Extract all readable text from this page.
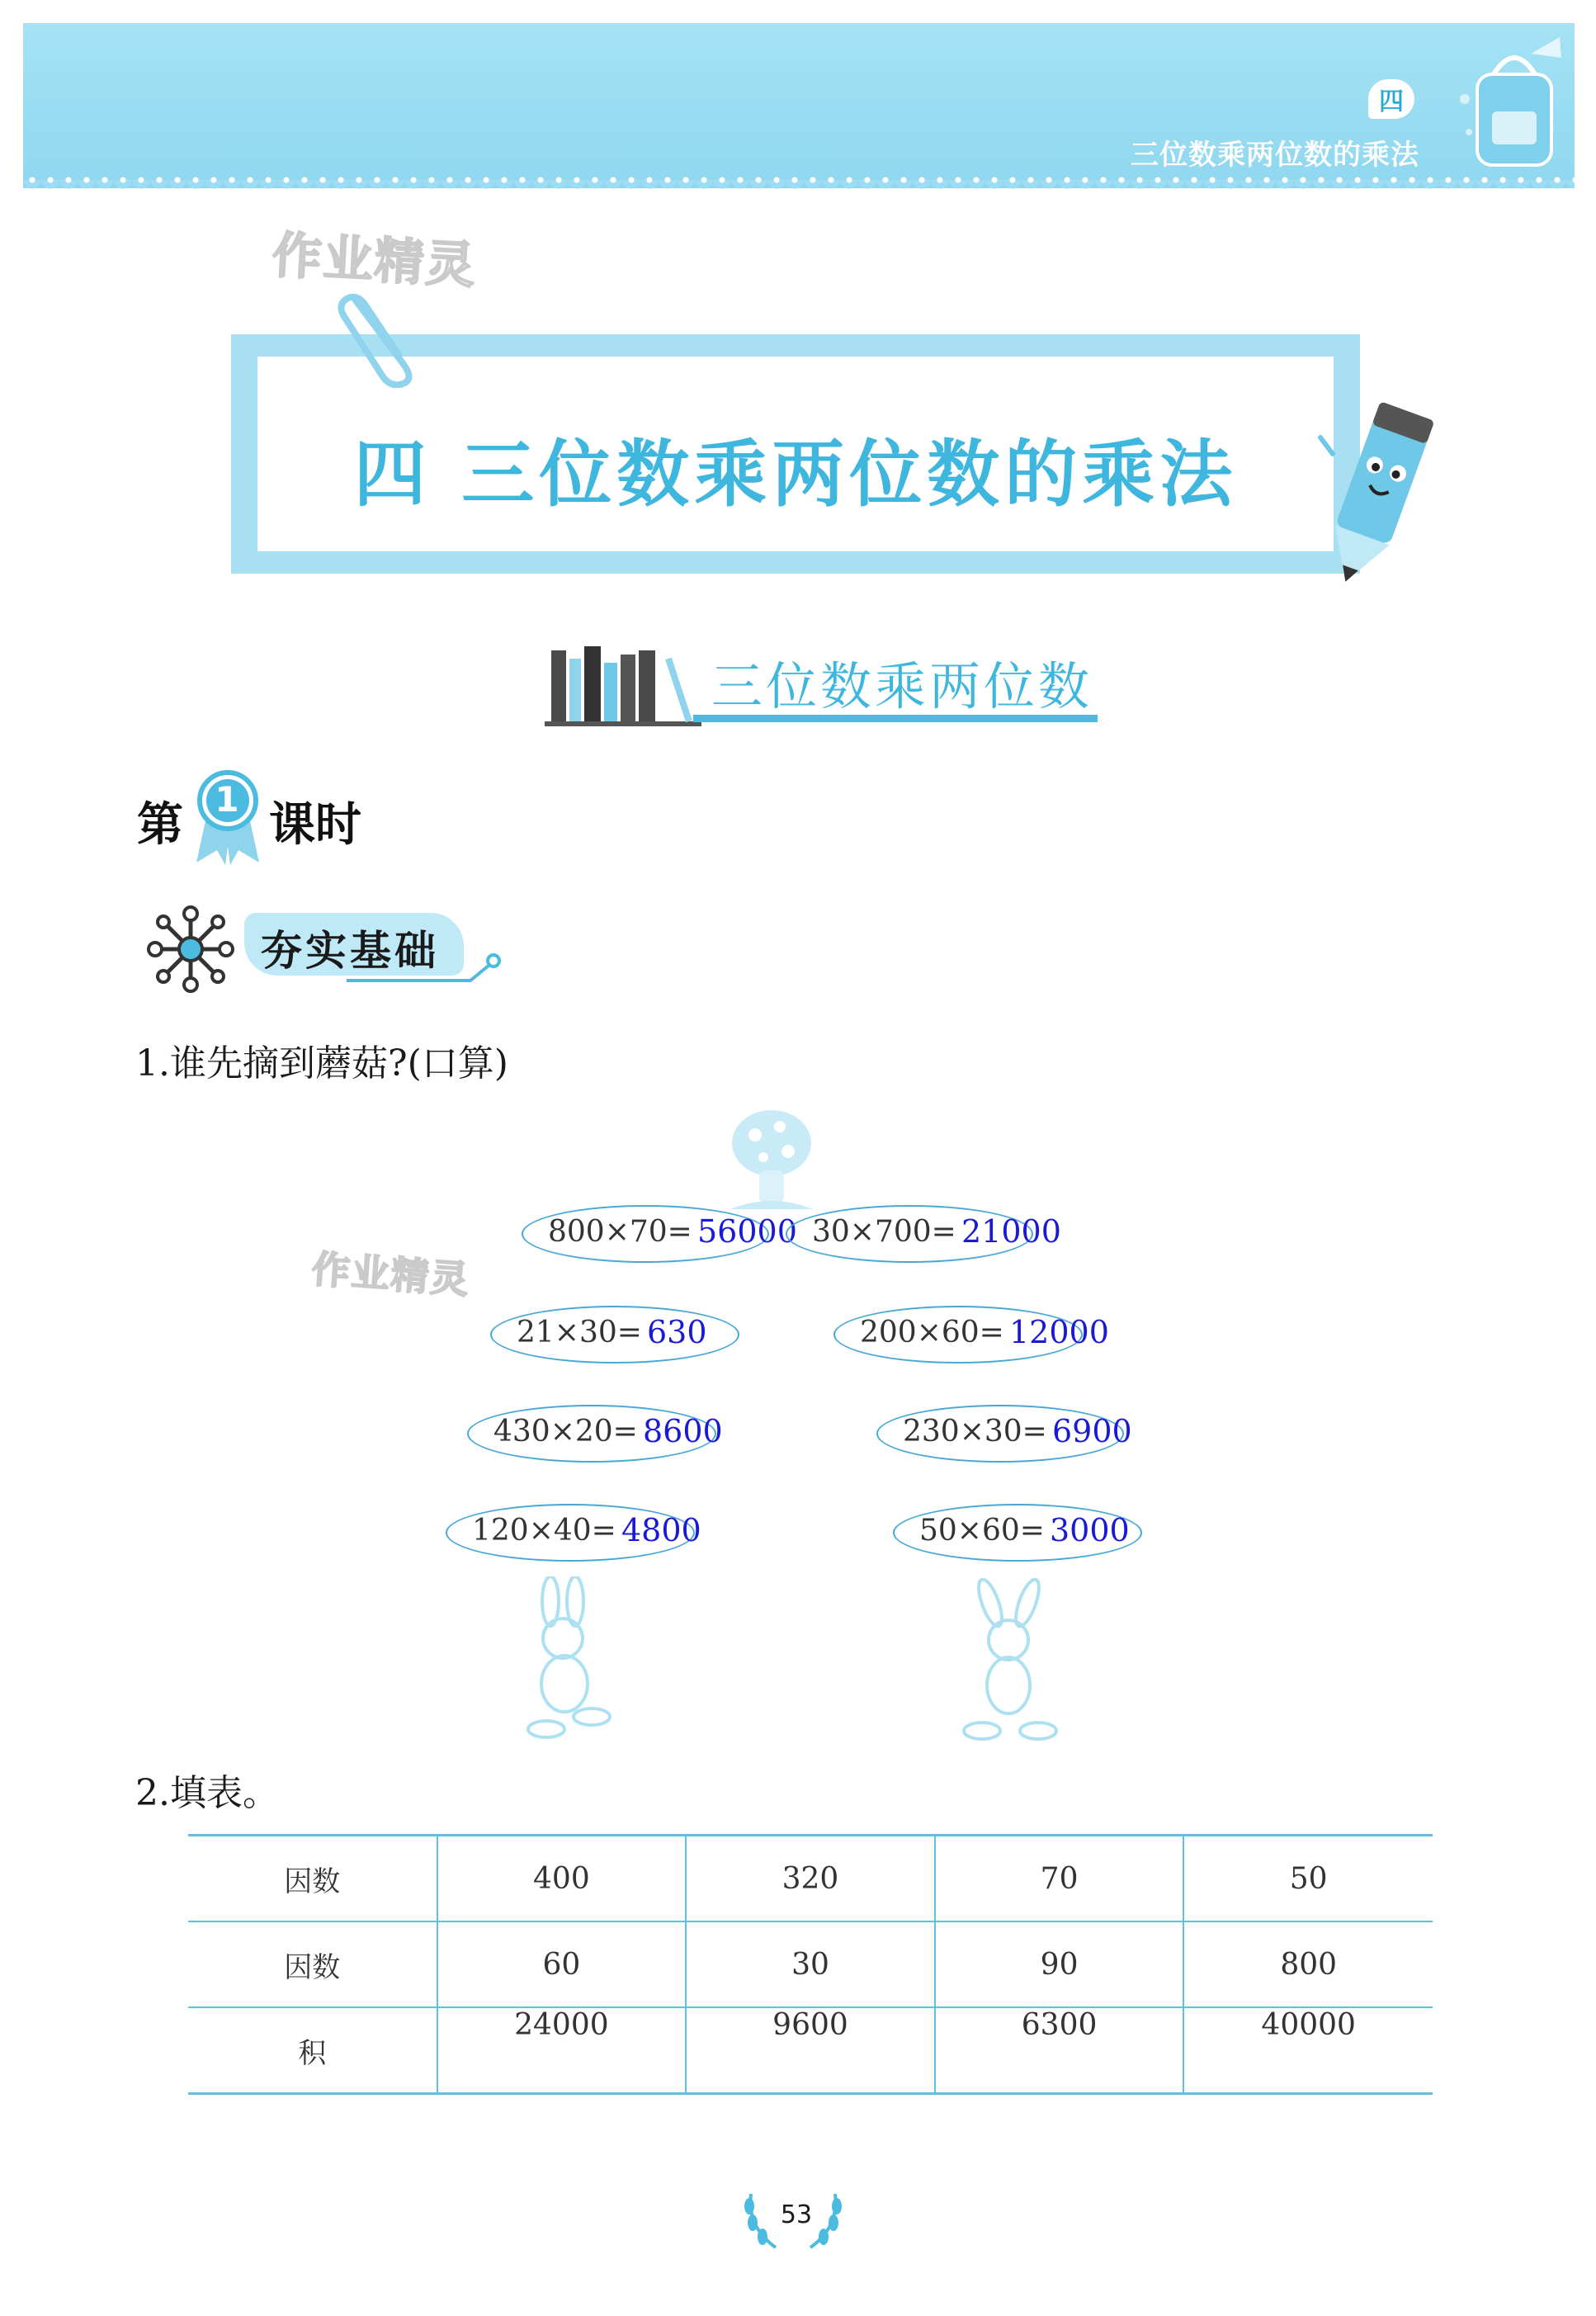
四
三位数乘两位数的乘法
作业精灵
作业精灵
四 三位数乘两位数的乘法
三位数乘两位数
第 1 课时
夯实基础
1.谁先摘到蘑菇?(口算)
800×70= 56000 30×700= 21000
21×30= 630	200×60= 12000
430×20= 8600	230×30= 6900
120×40= 4800	50×60= 3000
2.填表。
因数	400	320	70	50
因数	60	30	90	800
积	24000	9600	6300	40000
53
